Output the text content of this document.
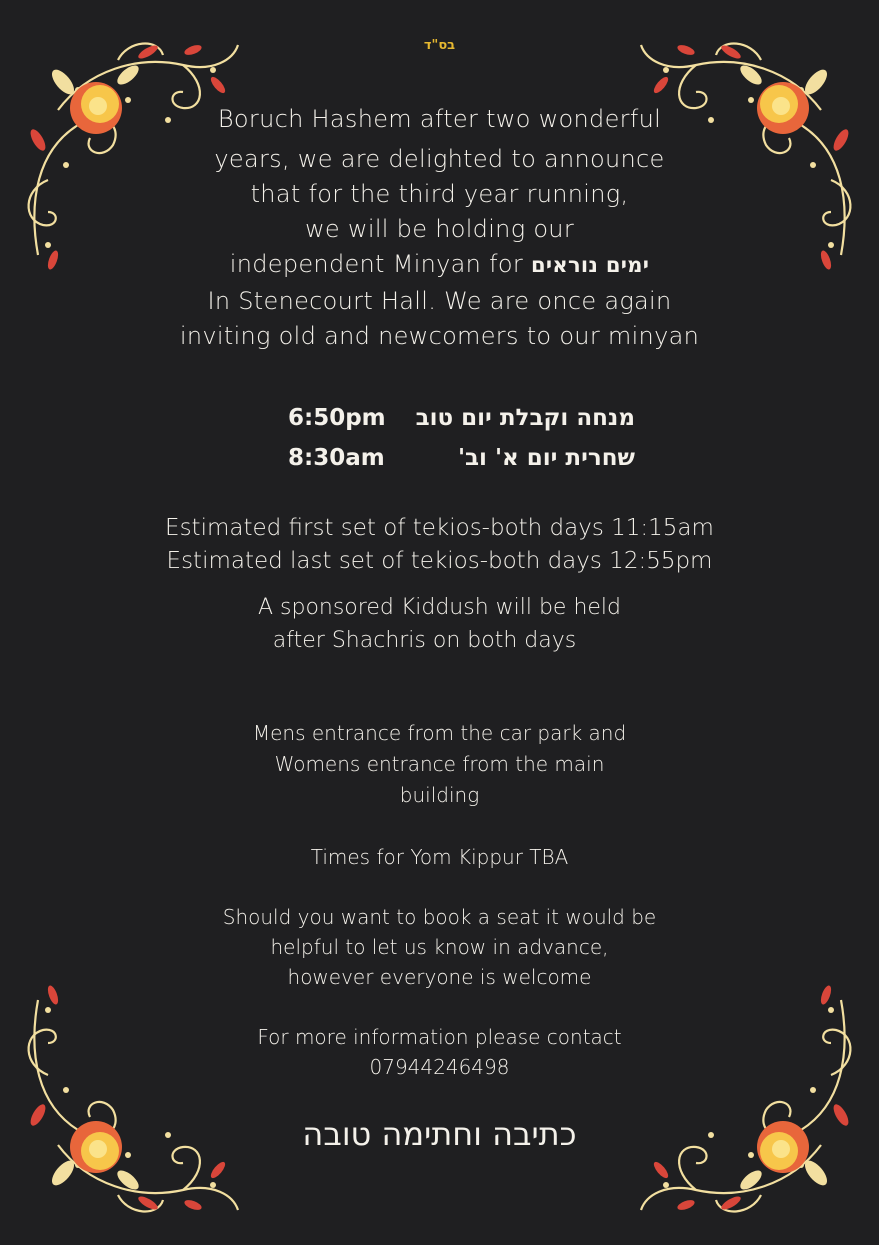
בס"ד
Boruch Hashem after two wonderful
years, we are delighted to announce
that for the third year running,
we will be holding our
independent Minyan for ימים נוראים
In Stenecourt Hall. We are once again
inviting old and newcomers to our minyan
6:50pm מנחה וקבלת יום טוב
8:30am	שחרית יום א' וב'
Estimated first set of tekios-both days 11:15am
Estimated last set of tekios-both days 12:55pm
A sponsored Kiddush will be held
after Shachris on both days
Mens entrance from the car park and
Womens entrance from the main
building
Times for Yom Kippur TBA
Should you want to book a seat it would be
helpful to let us know in advance,
however everyone is welcome
For more information please contact
07944246498
כתיבה וחתימה טובה
